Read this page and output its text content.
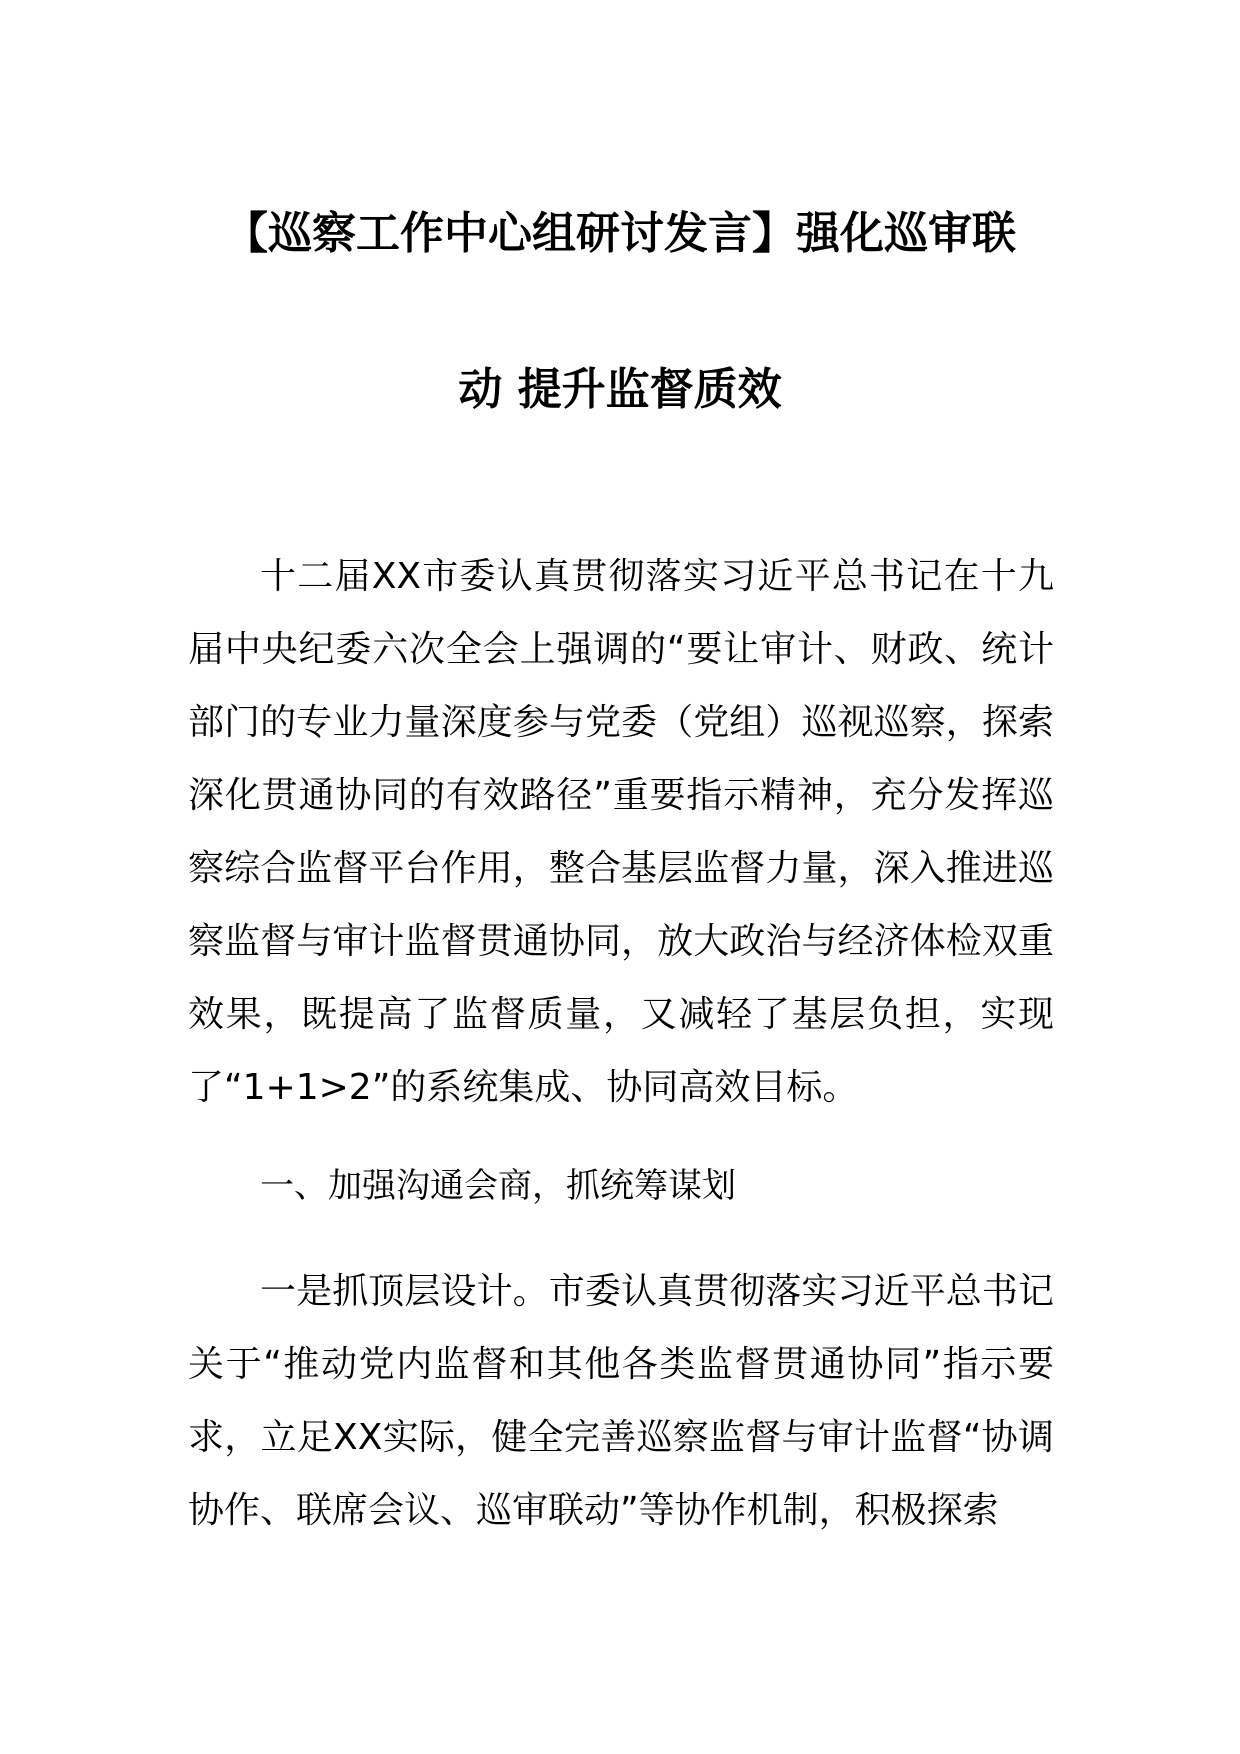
【巡察工作中心组研讨发言】强化巡审联
动 提升监督质效

十二届XX市委认真贯彻落实习近平总书记在十九届中央纪委六次全会上强调的“要让审计、财政、统计部门的专业力量深度参与党委（党组）巡视巡察，探索深化贯通协同的有效路径”重要指示精神，充分发挥巡察综合监督平台作用，整合基层监督力量，深入推进巡察监督与审计监督贯通协同，放大政治与经济体检双重效果，既提高了监督质量，又减轻了基层负担，实现了“1+1>2”的系统集成、协同高效目标。

一、加强沟通会商，抓统筹谋划

一是抓顶层设计。市委认真贯彻落实习近平总书记关于“推动党内监督和其他各类监督贯通协同”指示要求，立足XX实际，健全完善巡察监督与审计监督“协调协作、联席会议、巡审联动”等协作机制，积极探索
